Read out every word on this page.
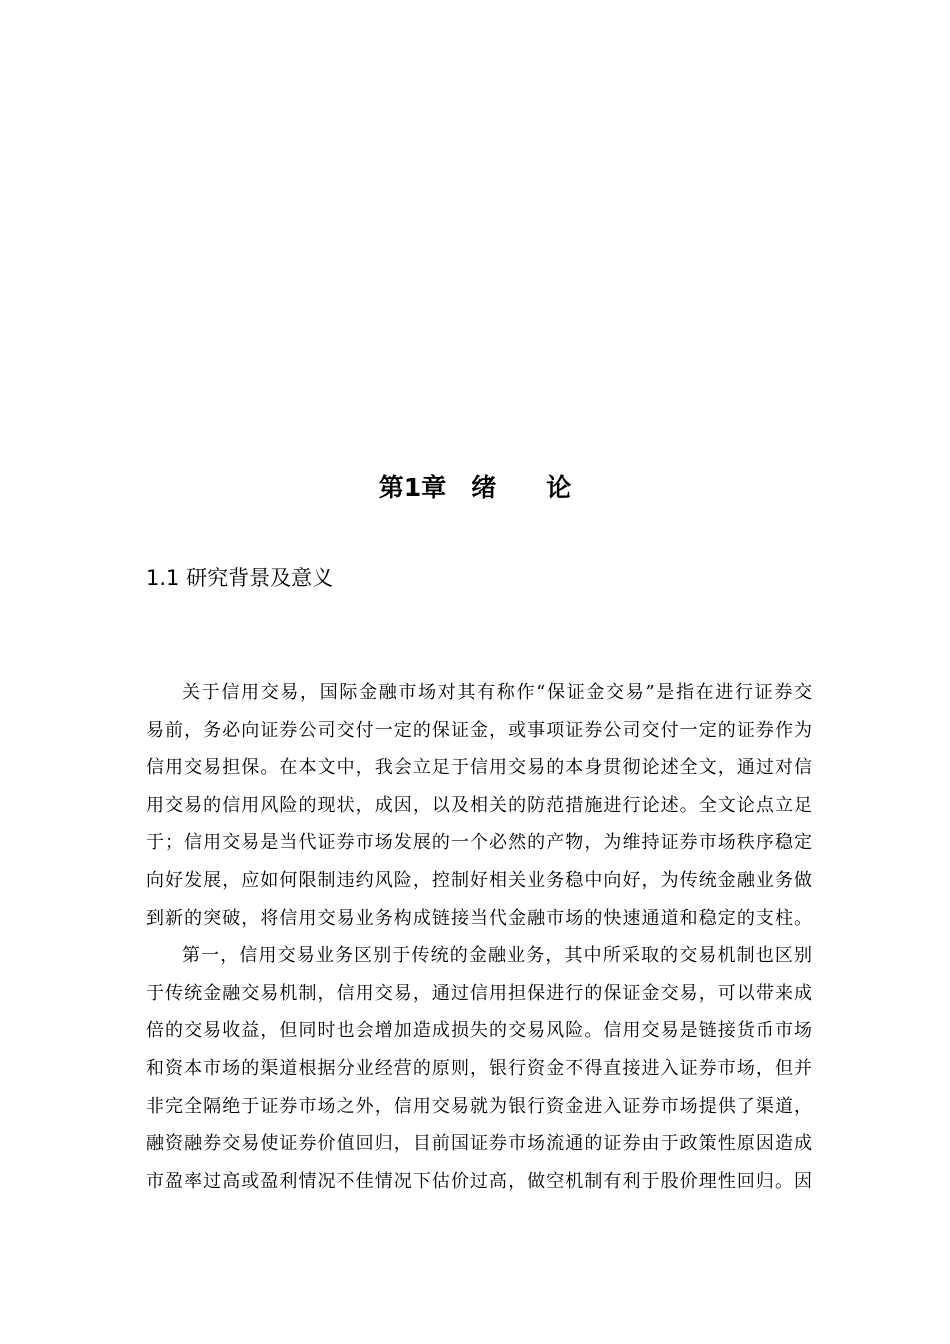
第1章　绪　　论
1.1 研究背景及意义
关于信用交易，国际金融市场对其有称作“保证金交易”是指在进行证券交
易前，务必向证券公司交付一定的保证金，或事项证券公司交付一定的证券作为
信用交易担保。在本文中，我会立足于信用交易的本身贯彻论述全文，通过对信
用交易的信用风险的现状，成因，以及相关的防范措施进行论述。全文论点立足
于；信用交易是当代证券市场发展的一个必然的产物，为维持证券市场秩序稳定
向好发展，应如何限制违约风险，控制好相关业务稳中向好，为传统金融业务做
到新的突破，将信用交易业务构成链接当代金融市场的快速通道和稳定的支柱。
第一，信用交易业务区别于传统的金融业务，其中所采取的交易机制也区别
于传统金融交易机制，信用交易，通过信用担保进行的保证金交易，可以带来成
倍的交易收益，但同时也会增加造成损失的交易风险。信用交易是链接货币市场
和资本市场的渠道根据分业经营的原则，银行资金不得直接进入证券市场，但并
非完全隔绝于证券市场之外，信用交易就为银行资金进入证券市场提供了渠道，
融资融券交易使证券价值回归，目前国证券市场流通的证券由于政策性原因造成
市盈率过高或盈利情况不佳情况下估价过高，做空机制有利于股价理性回归。因
